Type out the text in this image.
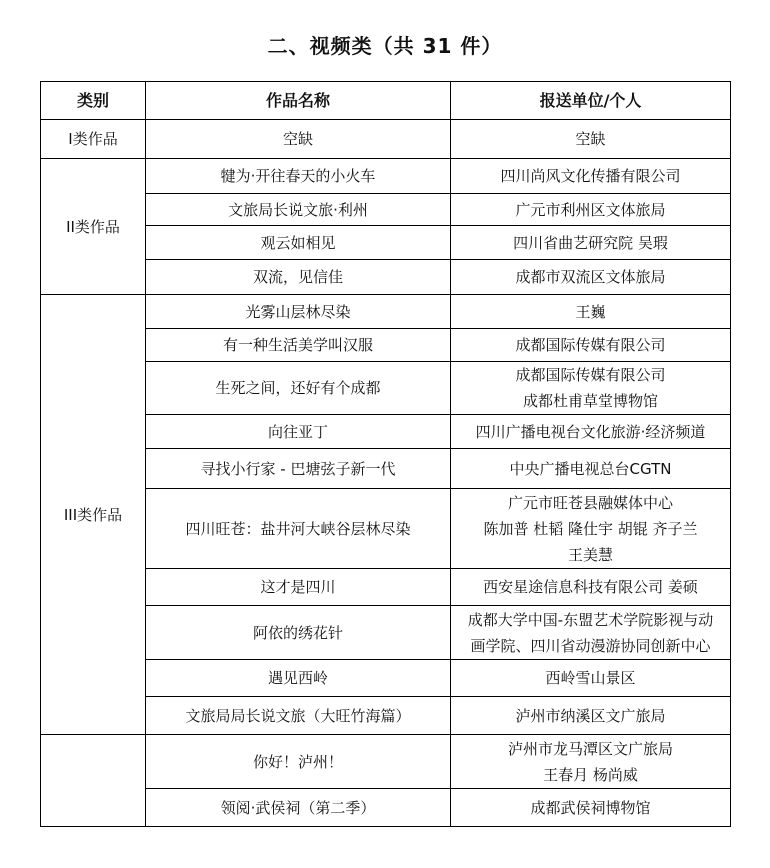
二、视频类（共 31 件）
类别	作品名称	报送单位/个人
I类作品	空缺	空缺

II类作品	犍为·开往春天的小火车	四川尚风文化传播有限公司

	文旅局长说文旅·利州	广元市利州区文体旅局

	观云如相见	四川省曲艺研究院 吴瑕

	双流，见信佳	成都市双流区文体旅局

III类作品	光雾山层林尽染	王巍

	有一种生活美学叫汉服	成都国际传媒有限公司

	生死之间，还好有个成都	成都国际传媒有限公司
成都杜甫草堂博物馆

	向往亚丁	四川广播电视台文化旅游·经济频道

	寻找小行家 - 巴塘弦子新一代	中央广播电视总台CGTN

	四川旺苍：盐井河大峡谷层林尽染	广元市旺苍县融媒体中心
陈加普 杜韬 隆仕宇 胡锟 齐子兰
王美慧

	这才是四川	西安星途信息科技有限公司 姜硕

	阿依的绣花针	成都大学中国-东盟艺术学院影视与动
画学院、四川省动漫游协同创新中心

	遇见西岭	西岭雪山景区

	文旅局局长说文旅（大旺竹海篇）	泸州市纳溪区文广旅局

	你好！泸州！	泸州市龙马潭区文广旅局
王春月 杨尚威

	领阅·武侯祠（第二季）	成都武侯祠博物馆
